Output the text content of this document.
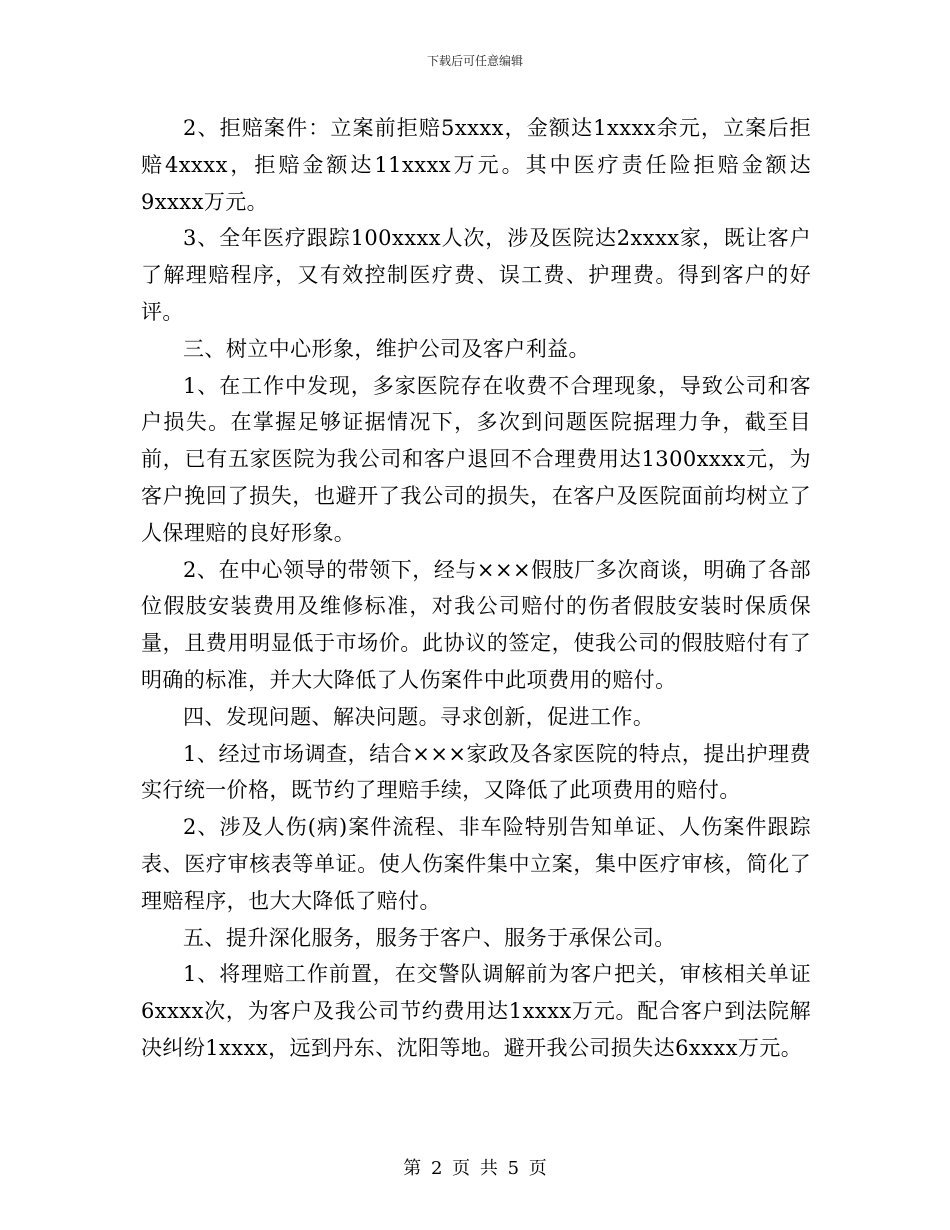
下载后可任意编辑

2、拒赔案件：立案前拒赔5xxxx，金额达1xxxx余元，立案后拒赔4xxxx，拒赔金额达11xxxx万元。其中医疗责任险拒赔金额达9xxxx万元。

3、全年医疗跟踪100xxxx人次，涉及医院达2xxxx家，既让客户了解理赔程序，又有效控制医疗费、误工费、护理费。得到客户的好评。

三、树立中心形象，维护公司及客户利益。

1、在工作中发现，多家医院存在收费不合理现象，导致公司和客户损失。在掌握足够证据情况下，多次到问题医院据理力争，截至目前，已有五家医院为我公司和客户退回不合理费用达1300xxxx元，为客户挽回了损失，也避开了我公司的损失，在客户及医院面前均树立了人保理赔的良好形象。

2、在中心领导的带领下，经与×××假肢厂多次商谈，明确了各部位假肢安装费用及维修标准，对我公司赔付的伤者假肢安装时保质保量，且费用明显低于市场价。此协议的签定，使我公司的假肢赔付有了明确的标准，并大大降低了人伤案件中此项费用的赔付。

四、发现问题、解决问题。寻求创新，促进工作。

1、经过市场调查，结合×××家政及各家医院的特点，提出护理费实行统一价格，既节约了理赔手续，又降低了此项费用的赔付。

2、涉及人伤(病)案件流程、非车险特别告知单证、人伤案件跟踪表、医疗审核表等单证。使人伤案件集中立案，集中医疗审核，简化了理赔程序，也大大降低了赔付。

五、提升深化服务，服务于客户、服务于承保公司。

1、将理赔工作前置，在交警队调解前为客户把关，审核相关单证6xxxx次，为客户及我公司节约费用达1xxxx万元。配合客户到法院解决纠纷1xxxx，远到丹东、沈阳等地。避开我公司损失达6xxxx万元。

第 2 页 共 5 页
